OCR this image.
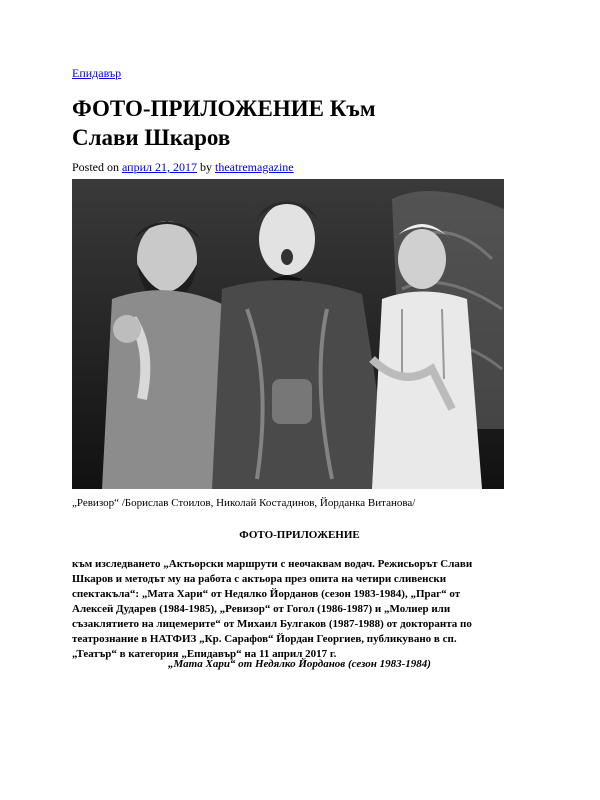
Епидавър
ФОТО-ПРИЛОЖЕНИЕ Към
Слави Шкаров
Posted on април 21, 2017 by theatremagazine
„Ревизор“ /Борислав Стоилов, Николай Костадинов, Йорданка Витанова/
ФОТО-ПРИЛОЖЕНИЕ
към изследването „Актьорски маршрути с неочаквам водач. Режисьорът Слави
Шкаров и методът му на работа с актьора през опита на четири сливенски
спектакъла“: „Мата Хари“ от Недялко Йорданов (сезон 1983-1984), „Праг“ от
Алексей Дударев (1984-1985), „Ревизор“ от Гогол (1986-1987) и „Молиер или
съзаклятието на лицемерите“ от Михаил Булгаков (1987-1988) от докторанта по
театрознание в НАТФИЗ „Кр. Сарафов“ Йордан Георгиев, публикувано в сп.
„Театър“ в категория „Епидавър“ на 11 април 2017 г.
„Мата Хари“ от Недялко Йорданов (сезон 1983-1984)
